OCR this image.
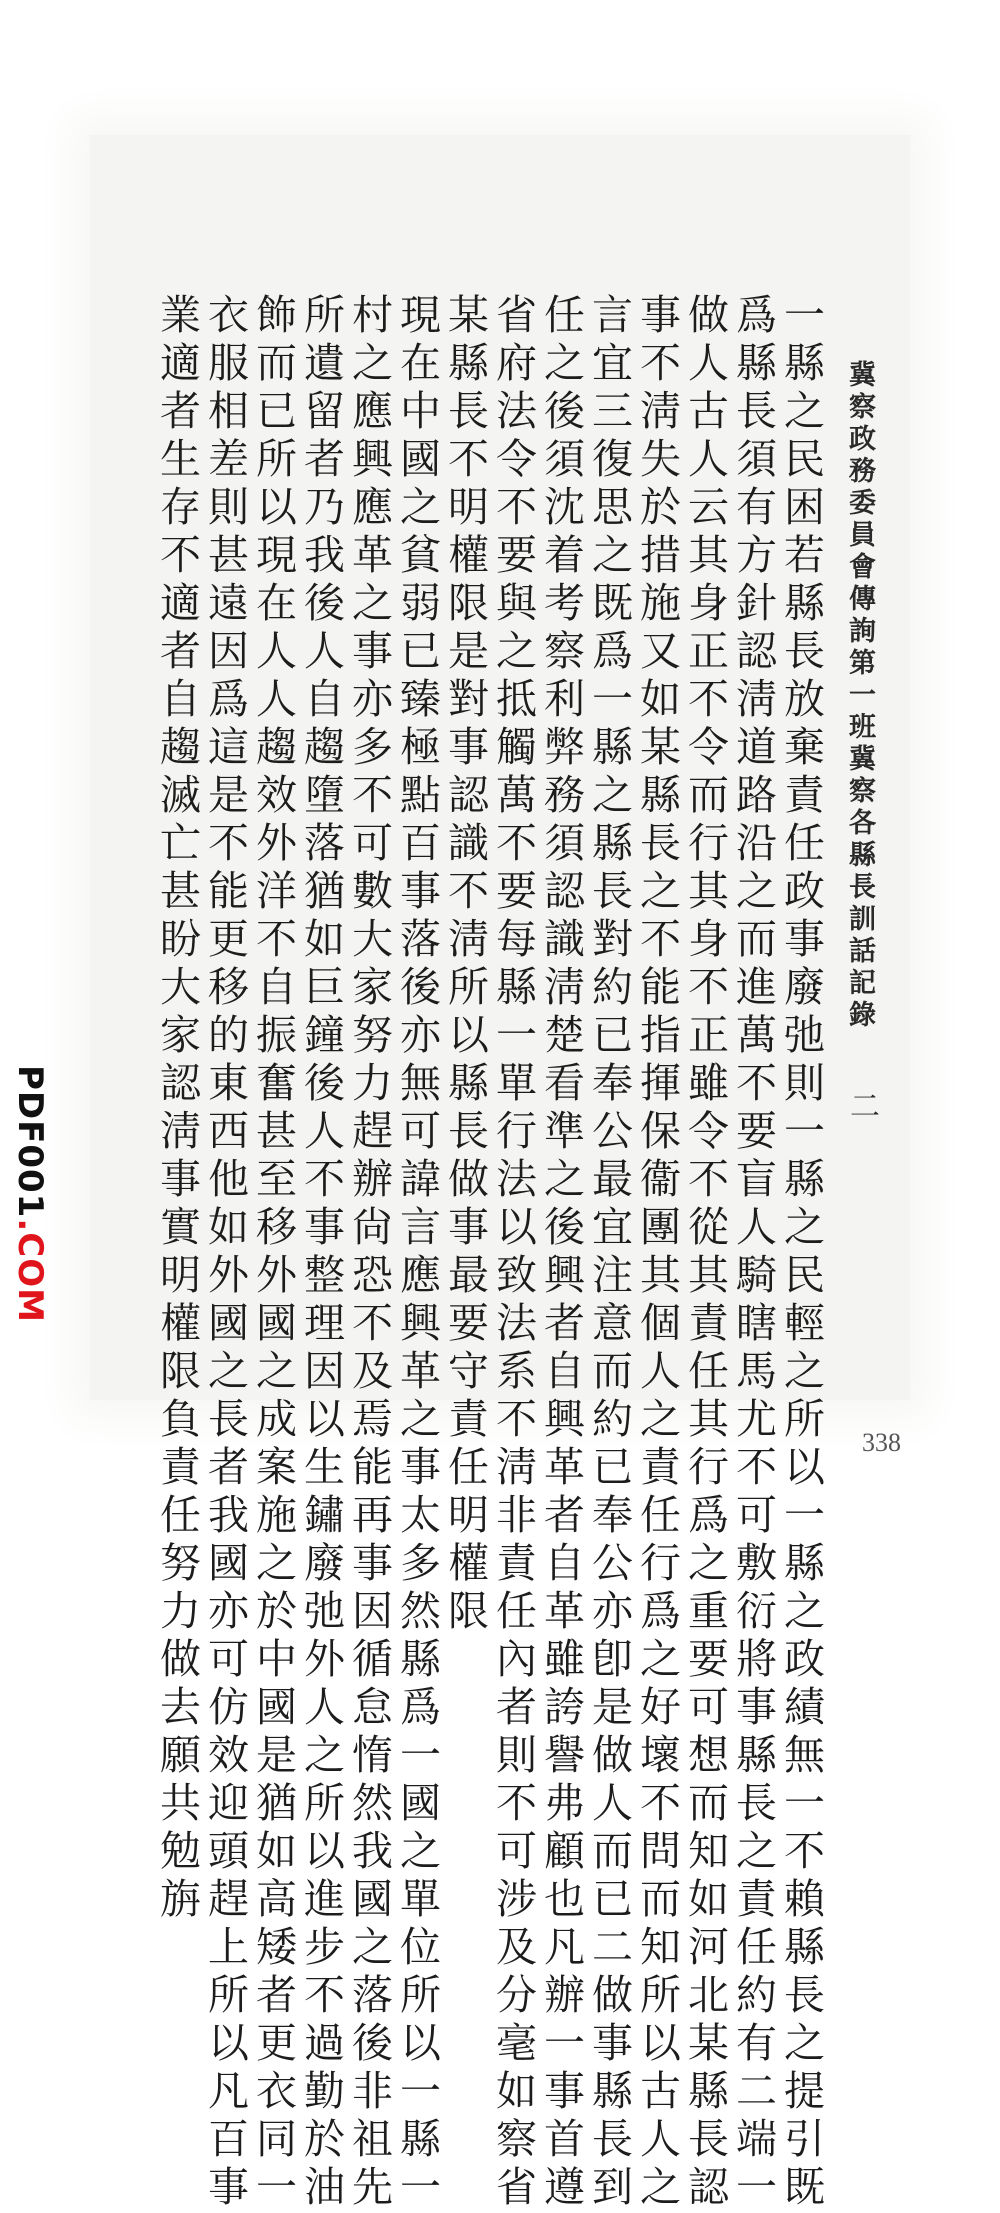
冀察政務委員會傳詢第一班冀察各縣長訓話記錄
二
一縣之民困若縣長放棄責任政事廢弛則一縣之民輕之所以一縣之政績無一不賴縣長之提引既
爲縣長須有方針認淸道路沿之而進萬不要盲人騎瞎馬尤不可敷衍將事縣長之責任約有二端一
做人古人云其身正不令而行其身不正雖令不從其責任其行爲之重要可想而知如河北某縣長認
事不淸失於措施又如某縣長之不能指揮保衞團其個人之責任行爲之好壞不問而知所以古人之
言宜三復思之既爲一縣之縣長對約已奉公最宜注意而約已奉公亦卽是做人而已二做事縣長到
任之後須沈着考察利弊務須認識淸楚看準之後興者自興革者自革雖誇譽弗顧也凡辦一事首遵
省府法令不要與之抵觸萬不要每縣一單行法以致法系不淸非責任內者則不可涉及分毫如察省
某縣長不明權限是對事認識不淸所以縣長做事最要守責任明權限
現在中國之貧弱已臻極點百事落後亦無可諱言應興革之事太多然縣爲一國之單位所以一縣一
村之應興應革之事亦多不可數大家努力趕辦尙恐不及焉能再事因循怠惰然我國之落後非祖先
所遺留者乃我後人自趨墮落猶如巨鐘後人不事整理因以生鏽廢弛外人之所以進步不過勤於油
飾而已所以現在人人趨效外洋不自振奮甚至移外國之成案施之於中國是猶如高矮者更衣同一
衣服相差則甚遠因爲這是不能更移的東西他如外國之長者我國亦可仿效迎頭趕上所以凡百事
業適者生存不適者自趨滅亡甚盼大家認淸事實明權限負責任努力做去願共勉旃
PDF001.COM
338
